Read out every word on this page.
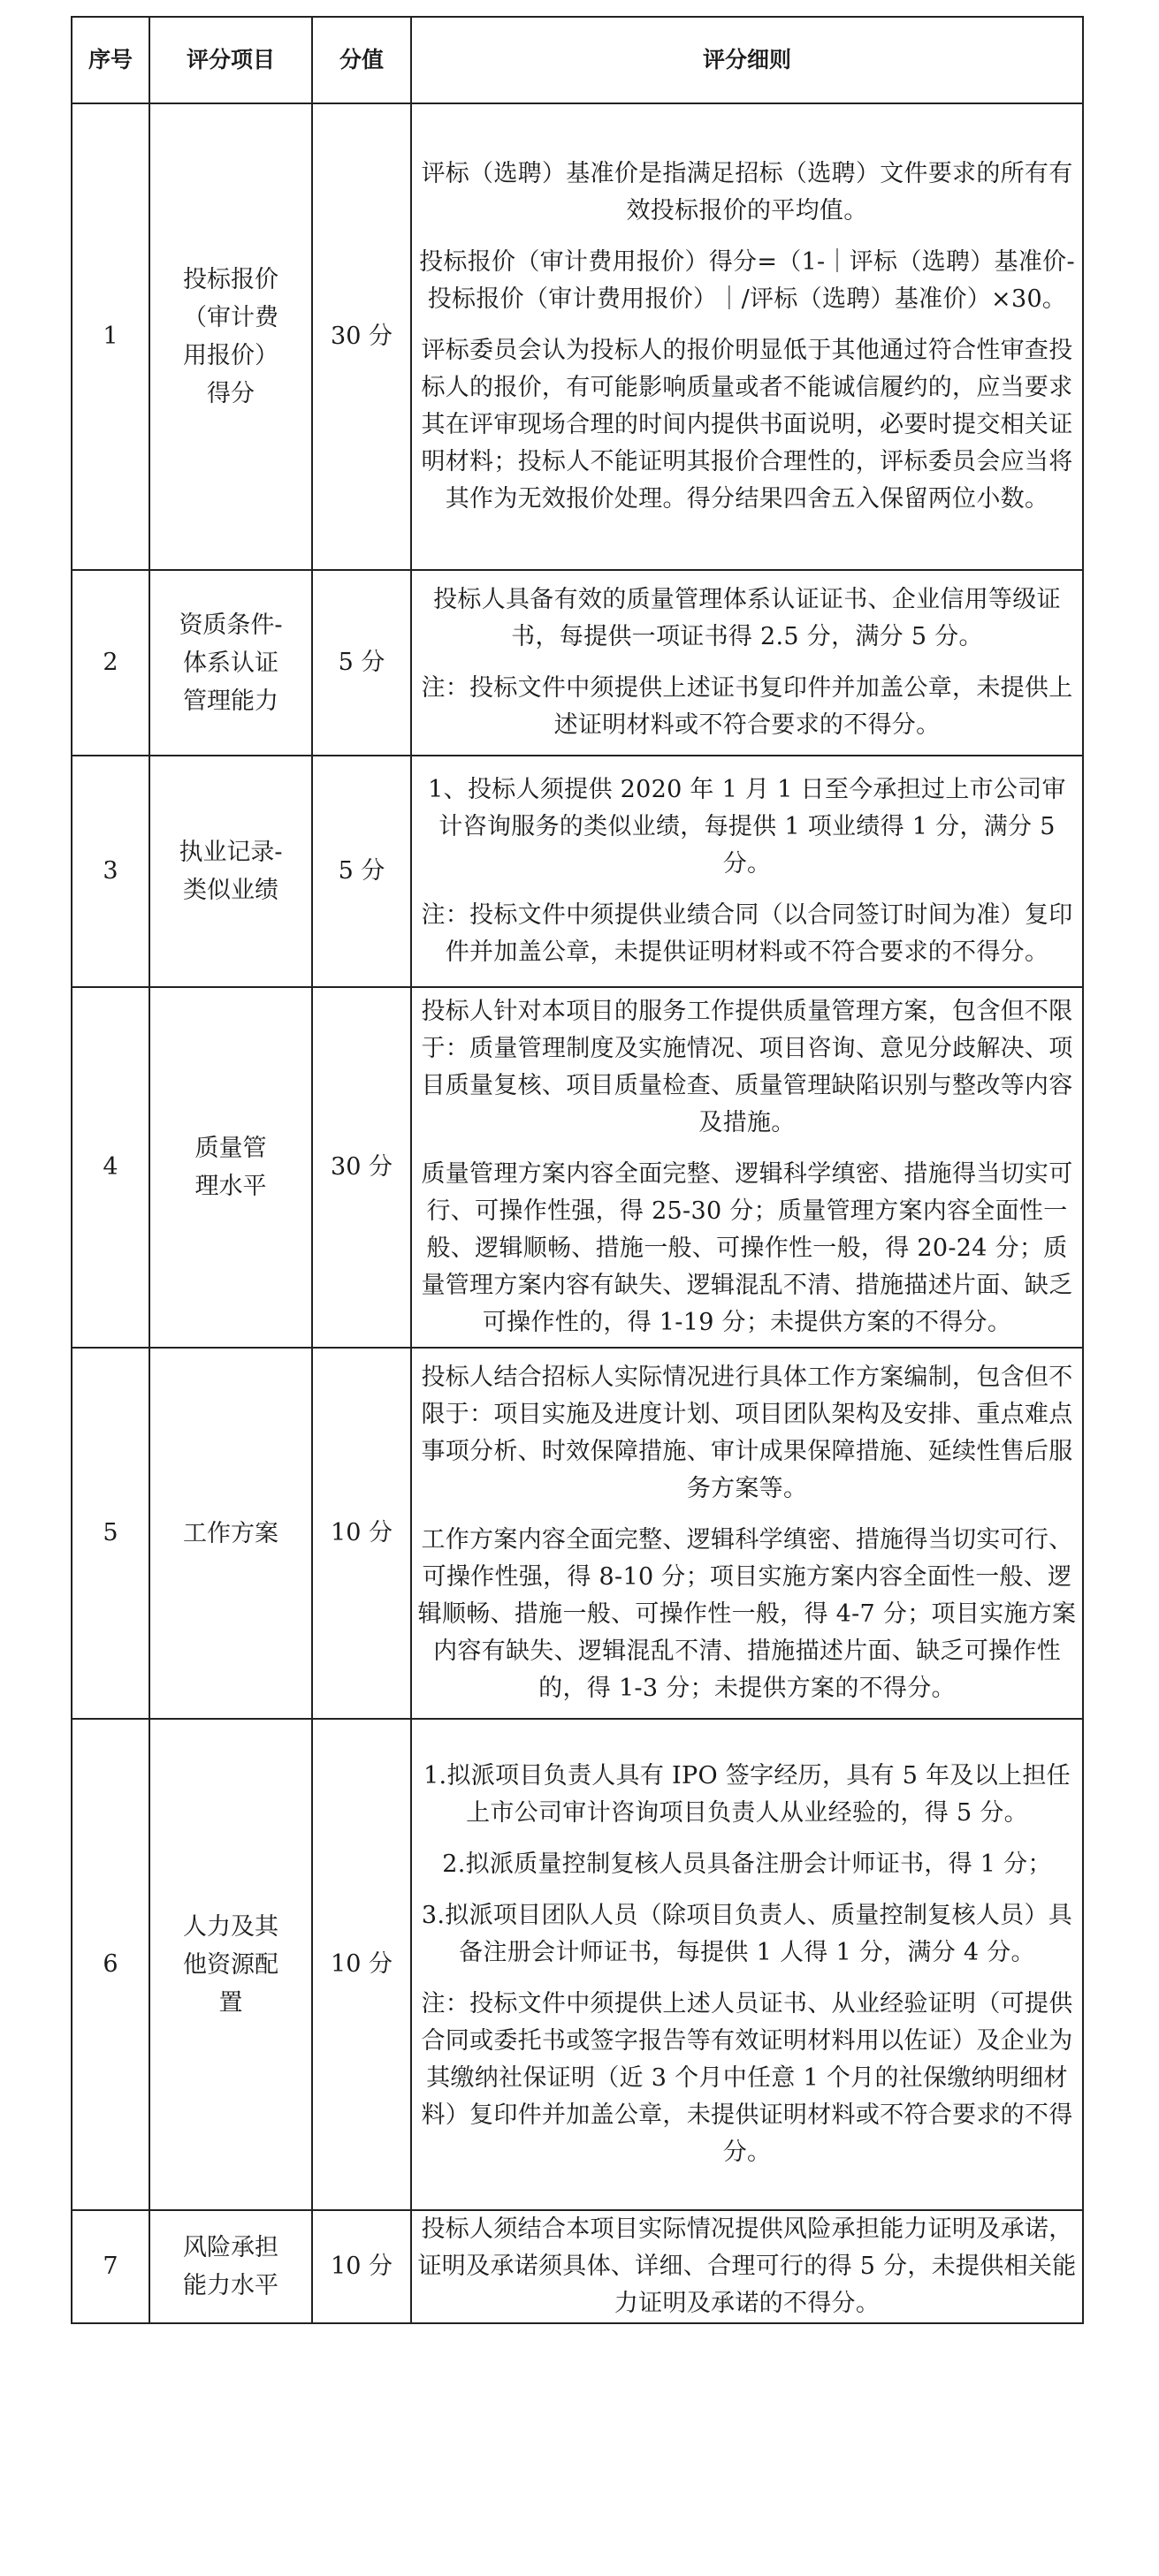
序号	评分项目	分值	评分细则
1	投标报价（审计费用报价）得分	30 分	评标（选聘）基准价是指满足招标（选聘）文件要求的所有有效投标报价的平均值。
投标报价（审计费用报价）得分=（1-｜评标（选聘）基准价-投标报价（审计费用报价）｜/评标（选聘）基准价）×30。
评标委员会认为投标人的报价明显低于其他通过符合性审查投标人的报价，有可能影响质量或者不能诚信履约的，应当要求其在评审现场合理的时间内提供书面说明，必要时提交相关证明材料；投标人不能证明其报价合理性的，评标委员会应当将其作为无效报价处理。得分结果四舍五入保留两位小数。

2	资质条件-体系认证管理能力	5 分	投标人具备有效的质量管理体系认证证书、企业信用等级证书，每提供一项证书得 2.5 分，满分 5 分。
注：投标文件中须提供上述证书复印件并加盖公章，未提供上述证明材料或不符合要求的不得分。

3	执业记录-类似业绩	5 分	1、投标人须提供 2020 年 1 月 1 日至今承担过上市公司审计咨询服务的类似业绩，每提供 1 项业绩得 1 分，满分 5 分。
注：投标文件中须提供业绩合同（以合同签订时间为准）复印件并加盖公章，未提供证明材料或不符合要求的不得分。

4	质量管理水平	30 分	投标人针对本项目的服务工作提供质量管理方案，包含但不限于：质量管理制度及实施情况、项目咨询、意见分歧解决、项目质量复核、项目质量检查、质量管理缺陷识别与整改等内容及措施。
质量管理方案内容全面完整、逻辑科学缜密、措施得当切实可行、可操作性强，得 25-30 分；质量管理方案内容全面性一般、逻辑顺畅、措施一般、可操作性一般，得 20-24 分；质量管理方案内容有缺失、逻辑混乱不清、措施描述片面、缺乏可操作性的，得 1-19 分；未提供方案的不得分。

5	工作方案	10 分	投标人结合招标人实际情况进行具体工作方案编制，包含但不限于：项目实施及进度计划、项目团队架构及安排、重点难点事项分析、时效保障措施、审计成果保障措施、延续性售后服务方案等。
工作方案内容全面完整、逻辑科学缜密、措施得当切实可行、可操作性强，得 8-10 分；项目实施方案内容全面性一般、逻辑顺畅、措施一般、可操作性一般，得 4-7 分；项目实施方案内容有缺失、逻辑混乱不清、措施描述片面、缺乏可操作性的，得 1-3 分；未提供方案的不得分。

6	人力及其他资源配置	10 分	1.拟派项目负责人具有 IPO 签字经历，具有 5 年及以上担任上市公司审计咨询项目负责人从业经验的，得 5 分。
2.拟派质量控制复核人员具备注册会计师证书，得 1 分；
3.拟派项目团队人员（除项目负责人、质量控制复核人员）具备注册会计师证书，每提供 1 人得 1 分，满分 4 分。
注：投标文件中须提供上述人员证书、从业经验证明（可提供合同或委托书或签字报告等有效证明材料用以佐证）及企业为其缴纳社保证明（近 3 个月中任意 1 个月的社保缴纳明细材料）复印件并加盖公章，未提供证明材料或不符合要求的不得分。

7	风险承担能力水平	10 分	投标人须结合本项目实际情况提供风险承担能力证明及承诺，证明及承诺须具体、详细、合理可行的得 5 分，未提供相关能力证明及承诺的不得分。
